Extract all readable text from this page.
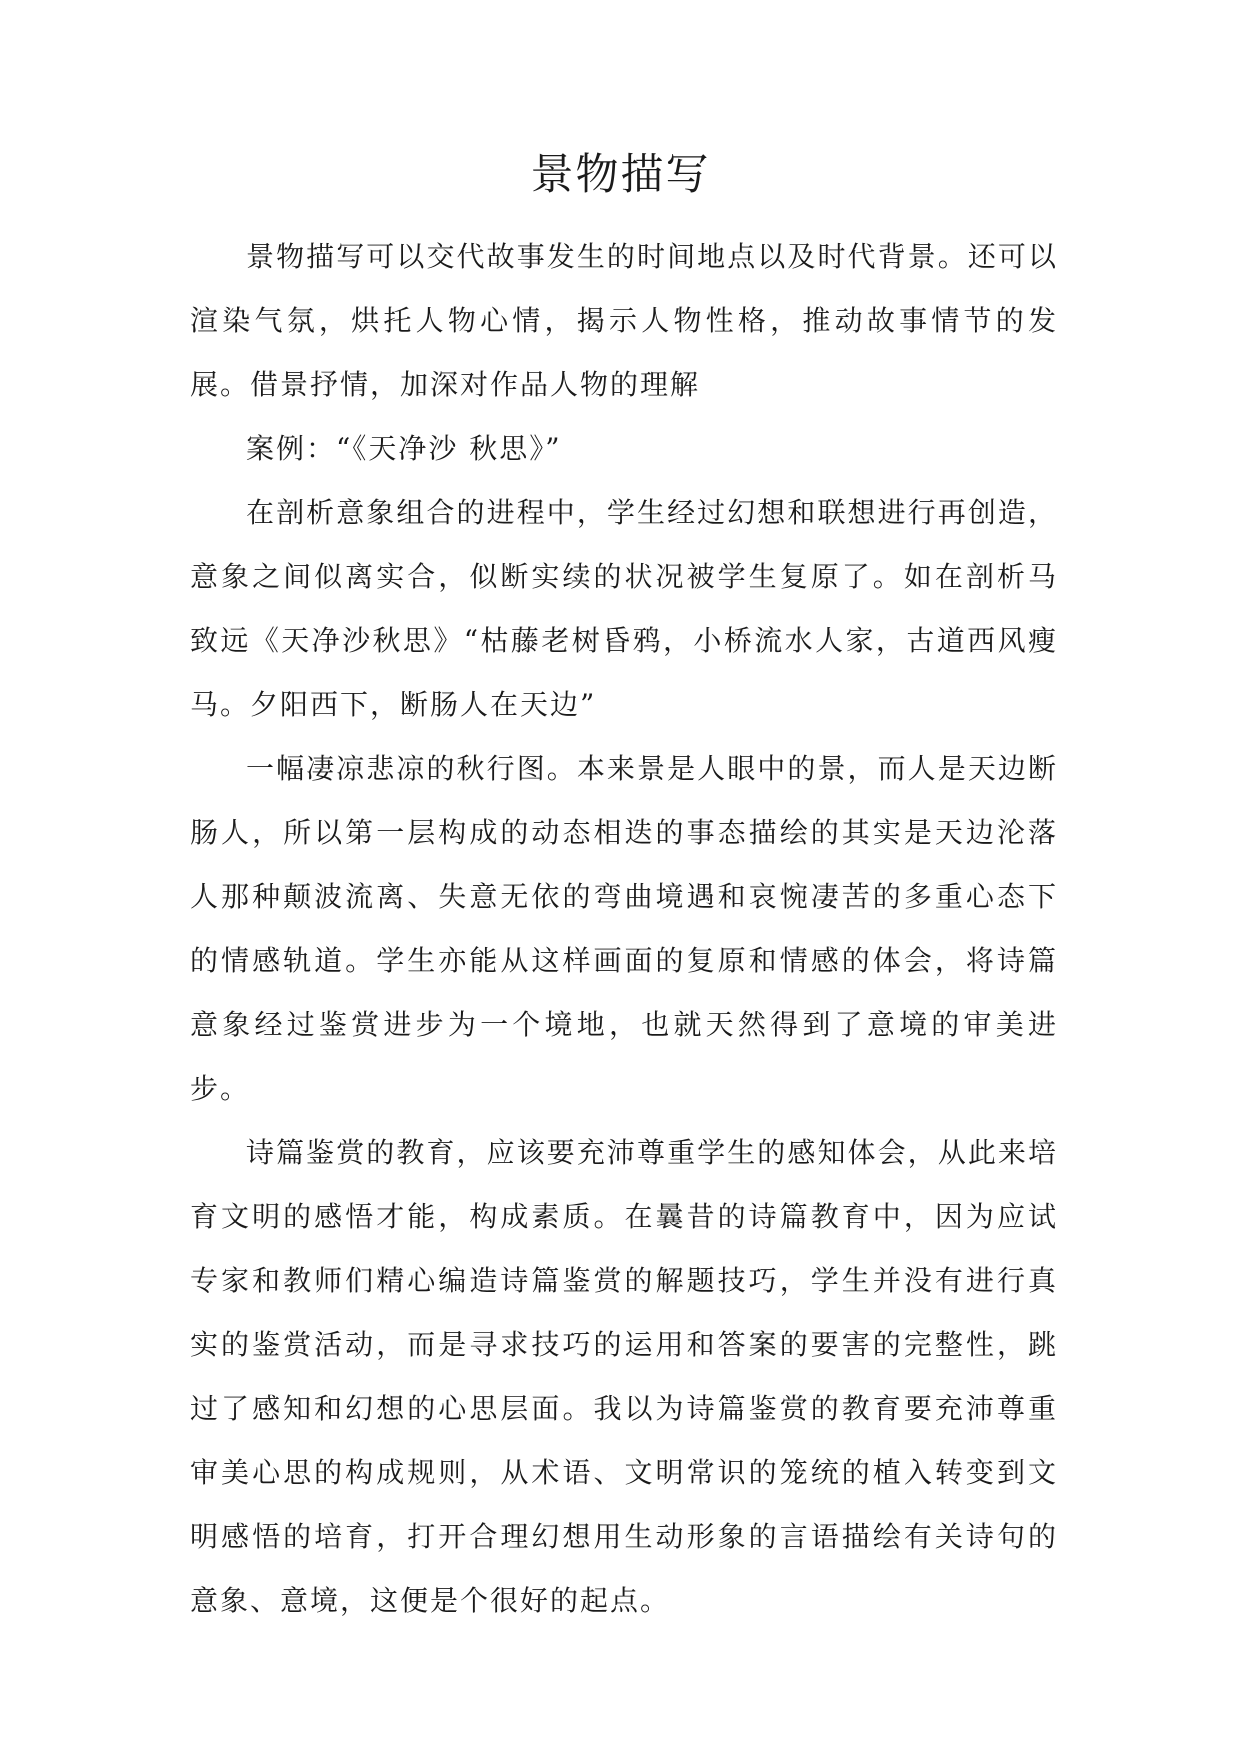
景物描写

景物描写可以交代故事发生的时间地点以及时代背景。还可以渲染气氛，烘托人物心情，揭示人物性格，推动故事情节的发展。借景抒情，加深对作品人物的理解

案例：“《天净沙 秋思》”

在剖析意象组合的进程中，学生经过幻想和联想进行再创造，意象之间似离实合，似断实续的状况被学生复原了。如在剖析马致远《天净沙秋思》“枯藤老树昏鸦，小桥流水人家，古道西风瘦马。夕阳西下，断肠人在天边”

一幅凄凉悲凉的秋行图。本来景是人眼中的景，而人是天边断肠人，所以第一层构成的动态相迭的事态描绘的其实是天边沦落人那种颠波流离、失意无依的弯曲境遇和哀惋凄苦的多重心态下的情感轨道。学生亦能从这样画面的复原和情感的体会，将诗篇意象经过鉴赏进步为一个境地，也就天然得到了意境的审美进步。

诗篇鉴赏的教育，应该要充沛尊重学生的感知体会，从此来培育文明的感悟才能，构成素质。在曩昔的诗篇教育中，因为应试专家和教师们精心编造诗篇鉴赏的解题技巧，学生并没有进行真实的鉴赏活动，而是寻求技巧的运用和答案的要害的完整性，跳过了感知和幻想的心思层面。我以为诗篇鉴赏的教育要充沛尊重审美心思的构成规则，从术语、文明常识的笼统的植入转变到文明感悟的培育，打开合理幻想用生动形象的言语描绘有关诗句的意象、意境，这便是个很好的起点。
